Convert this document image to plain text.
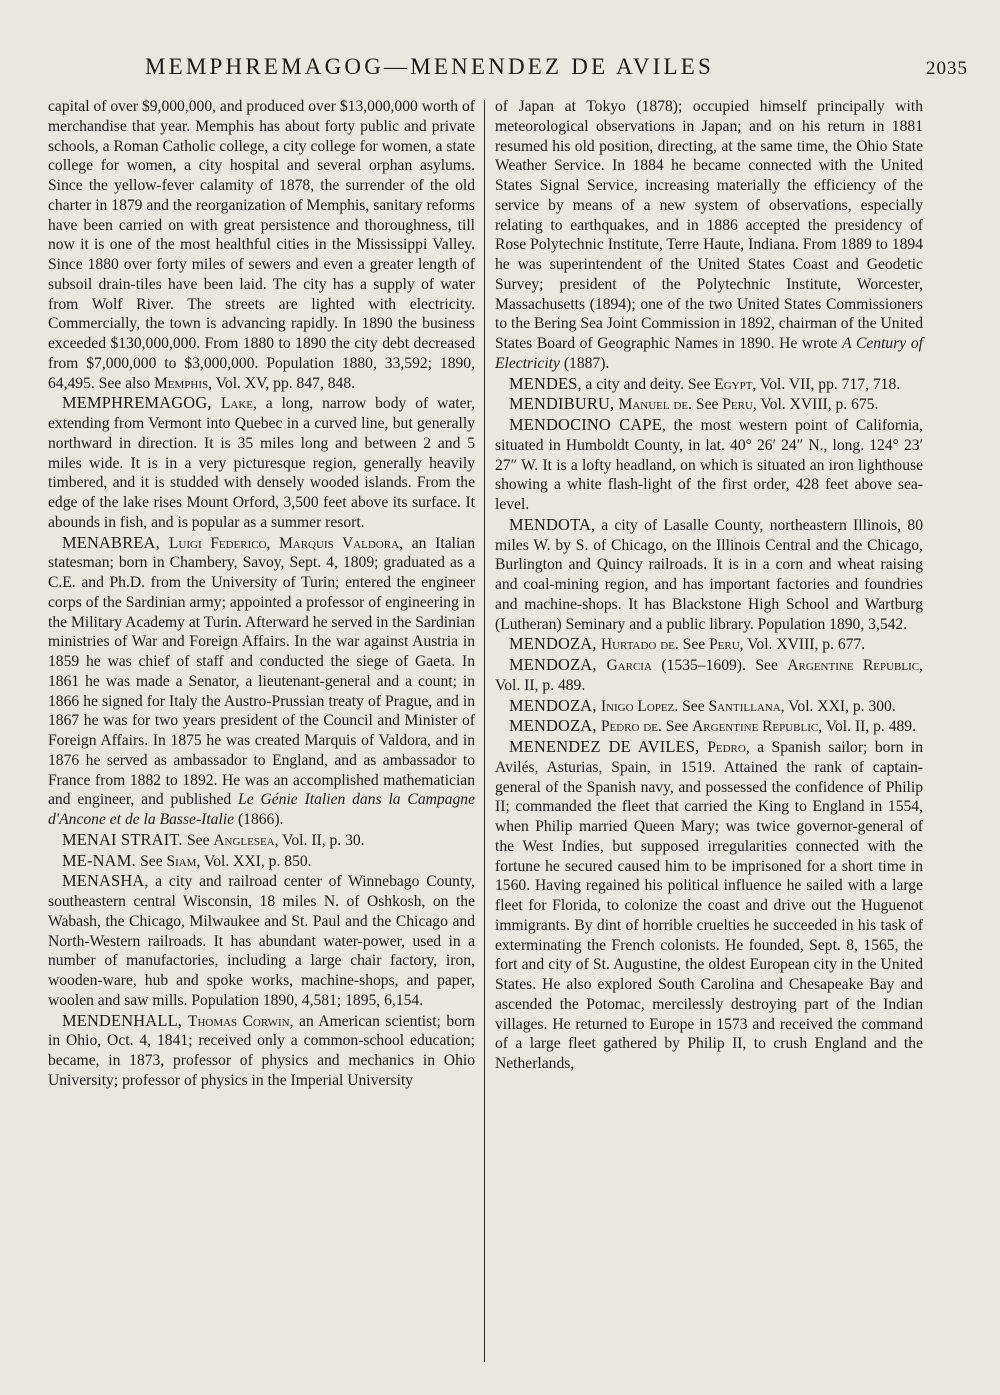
MEMPHREMAGOG—MENENDEZ DE AVILES	2035

capital of over $9,000,000, and produced over $13,000,000 worth of merchandise that year. Memphis has about forty public and private schools, a Roman Catholic college, a city college for women, a state college for women, a city hospital and several orphan asylums. Since the yellow-fever calamity of 1878, the surrender of the old charter in 1879 and the reorganization of Memphis, sanitary reforms have been carried on with great persistence and thoroughness, till now it is one of the most healthful cities in the Mississippi Valley. Since 1880 over forty miles of sewers and even a greater length of subsoil drain-tiles have been laid. The city has a supply of water from Wolf River. The streets are lighted with electricity. Commercially, the town is advancing rapidly. In 1890 the business exceeded $130,000,000. From 1880 to 1890 the city debt decreased from $7,000,000 to $3,000,000. Population 1880, 33,592; 1890, 64,495. See also Memphis, Vol. XV, pp. 847, 848.

MEMPHREMAGOG, Lake, a long, narrow body of water, extending from Vermont into Quebec in a curved line, but generally northward in direction. It is 35 miles long and between 2 and 5 miles wide. It is in a very picturesque region, generally heavily timbered, and it is studded with densely wooded islands. From the edge of the lake rises Mount Orford, 3,500 feet above its surface. It abounds in fish, and is popular as a summer resort.

MENABREA, Luigi Federico, Marquis Valdora, an Italian statesman; born in Chambery, Savoy, Sept. 4, 1809; graduated as a C.E. and Ph.D. from the University of Turin; entered the engineer corps of the Sardinian army; appointed a professor of engineering in the Military Academy at Turin. Afterward he served in the Sardinian ministries of War and Foreign Affairs. In the war against Austria in 1859 he was chief of staff and conducted the siege of Gaeta. In 1861 he was made a Senator, a lieutenant-general and a count; in 1866 he signed for Italy the Austro-Prussian treaty of Prague, and in 1867 he was for two years president of the Council and Minister of Foreign Affairs. In 1875 he was created Marquis of Valdora, and in 1876 he served as ambassador to England, and as ambassador to France from 1882 to 1892. He was an accomplished mathematician and engineer, and published Le Génie Italien dans la Campagne d'Ancone et de la Basse-Italie (1866).

MENAI STRAIT. See Anglesea, Vol. II, p. 30.

ME-NAM. See Siam, Vol. XXI, p. 850.

MENASHA, a city and railroad center of Winnebago County, southeastern central Wisconsin, 18 miles N. of Oshkosh, on the Wabash, the Chicago, Milwaukee and St. Paul and the Chicago and North-Western railroads. It has abundant water-power, used in a number of manufactories, including a large chair factory, iron, wooden-ware, hub and spoke works, machine-shops, and paper, woolen and saw mills. Population 1890, 4,581; 1895, 6,154.

MENDENHALL, Thomas Corwin, an American scientist; born in Ohio, Oct. 4, 1841; received only a common-school education; became, in 1873, professor of physics and mechanics in Ohio University; professor of physics in the Imperial University

of Japan at Tokyo (1878); occupied himself principally with meteorological observations in Japan; and on his return in 1881 resumed his old position, directing, at the same time, the Ohio State Weather Service. In 1884 he became connected with the United States Signal Service, increasing materially the efficiency of the service by means of a new system of observations, especially relating to earthquakes, and in 1886 accepted the presidency of Rose Polytechnic Institute, Terre Haute, Indiana. From 1889 to 1894 he was superintendent of the United States Coast and Geodetic Survey; president of the Polytechnic Institute, Worcester, Massachusetts (1894); one of the two United States Commissioners to the Bering Sea Joint Commission in 1892, chairman of the United States Board of Geographic Names in 1890. He wrote A Century of Electricity (1887).

MENDES, a city and deity. See Egypt, Vol. VII, pp. 717, 718.

MENDIBURU, Manuel de. See Peru, Vol. XVIII, p. 675.

MENDOCINO CAPE, the most western point of California, situated in Humboldt County, in lat. 40° 26′ 24″ N., long. 124° 23′ 27″ W. It is a lofty headland, on which is situated an iron lighthouse showing a white flash-light of the first order, 428 feet above sea-level.

MENDOTA, a city of Lasalle County, northeastern Illinois, 80 miles W. by S. of Chicago, on the Illinois Central and the Chicago, Burlington and Quincy railroads. It is in a corn and wheat raising and coal-mining region, and has important factories and foundries and machine-shops. It has Blackstone High School and Wartburg (Lutheran) Seminary and a public library. Population 1890, 3,542.

MENDOZA, Hurtado de. See Peru, Vol. XVIII, p. 677.

MENDOZA, Garcia (1535–1609). See Argentine Republic, Vol. II, p. 489.

MENDOZA, Inigo Lopez. See Santillana, Vol. XXI, p. 300.

MENDOZA, Pedro de. See Argentine Republic, Vol. II, p. 489.

MENENDEZ DE AVILES, Pedro, a Spanish sailor; born in Avilés, Asturias, Spain, in 1519. Attained the rank of captain-general of the Spanish navy, and possessed the confidence of Philip II; commanded the fleet that carried the King to England in 1554, when Philip married Queen Mary; was twice governor-general of the West Indies, but supposed irregularities connected with the fortune he secured caused him to be imprisoned for a short time in 1560. Having regained his political influence he sailed with a large fleet for Florida, to colonize the coast and drive out the Huguenot immigrants. By dint of horrible cruelties he succeeded in his task of exterminating the French colonists. He founded, Sept. 8, 1565, the fort and city of St. Augustine, the oldest European city in the United States. He also explored South Carolina and Chesapeake Bay and ascended the Potomac, mercilessly destroying part of the Indian villages. He returned to Europe in 1573 and received the command of a large fleet gathered by Philip II, to crush England and the Netherlands,
